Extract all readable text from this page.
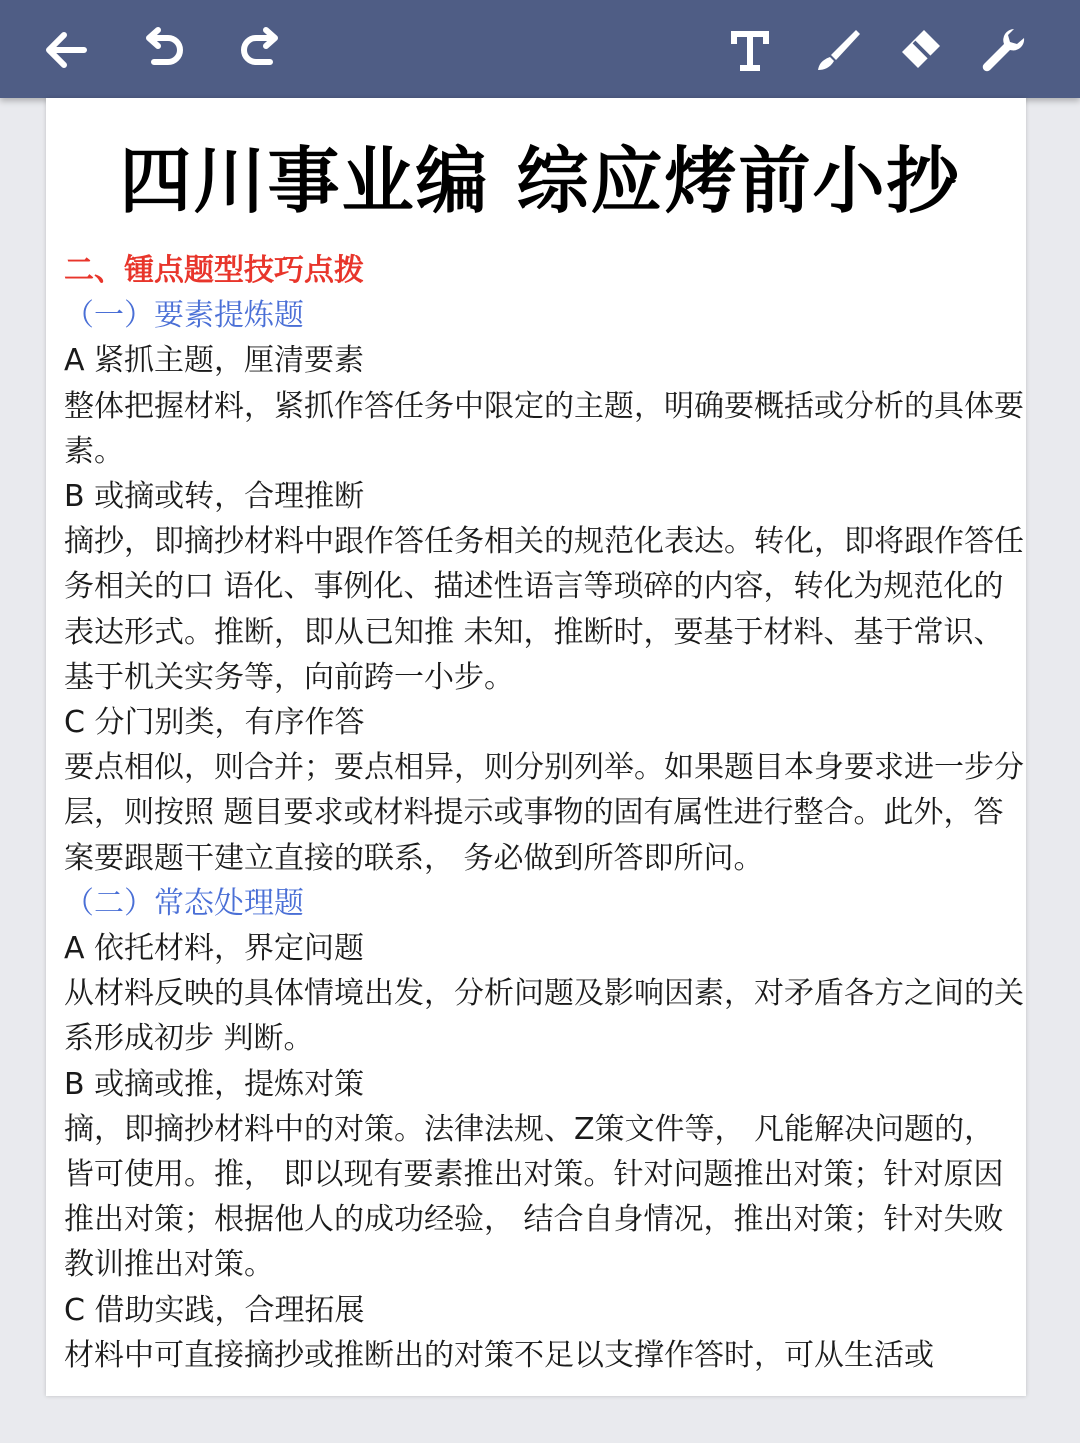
四川事业编 综应烤前小抄

二、锺点题型技巧点拨

（一）要素提炼题

A 紧抓主题，厘清要素

整体把握材料，紧抓作答任务中限定的主题，明确要概括或分析的具体要素。

B 或摘或转，合理推断

摘抄，即摘抄材料中跟作答任务相关的规范化表达。转化，即将跟作答任务相关的口 语化、事例化、描述性语言等琐碎的内容，转化为规范化的表达形式。推断，即从已知推 未知，推断时，要基于材料、基于常识、基于机关实务等，向前跨一小步。

C 分门别类，有序作答

要点相似，则合并；要点相异，则分别列举。如果题目本身要求进一步分层，则按照 题目要求或材料提示或事物的固有属性进行整合。此外，答案要跟题干建立直接的联系， 务必做到所答即所问。

（二）常态处理题

A 依托材料，界定问题

从材料反映的具体情境出发，分析问题及影响因素，对矛盾各方之间的关系形成初步 判断。

B 或摘或推，提炼对策

摘，即摘抄材料中的对策。法律法规、Z策文件等， 凡能解决问题的，皆可使用。推， 即以现有要素推出对策。针对问题推出对策；针对原因推出对策；根据他人的成功经验， 结合自身情况，推出对策；针对失败教训推出对策。

C 借助实践，合理拓展

材料中可直接摘抄或推断出的对策不足以支撑作答时，可从生活或
